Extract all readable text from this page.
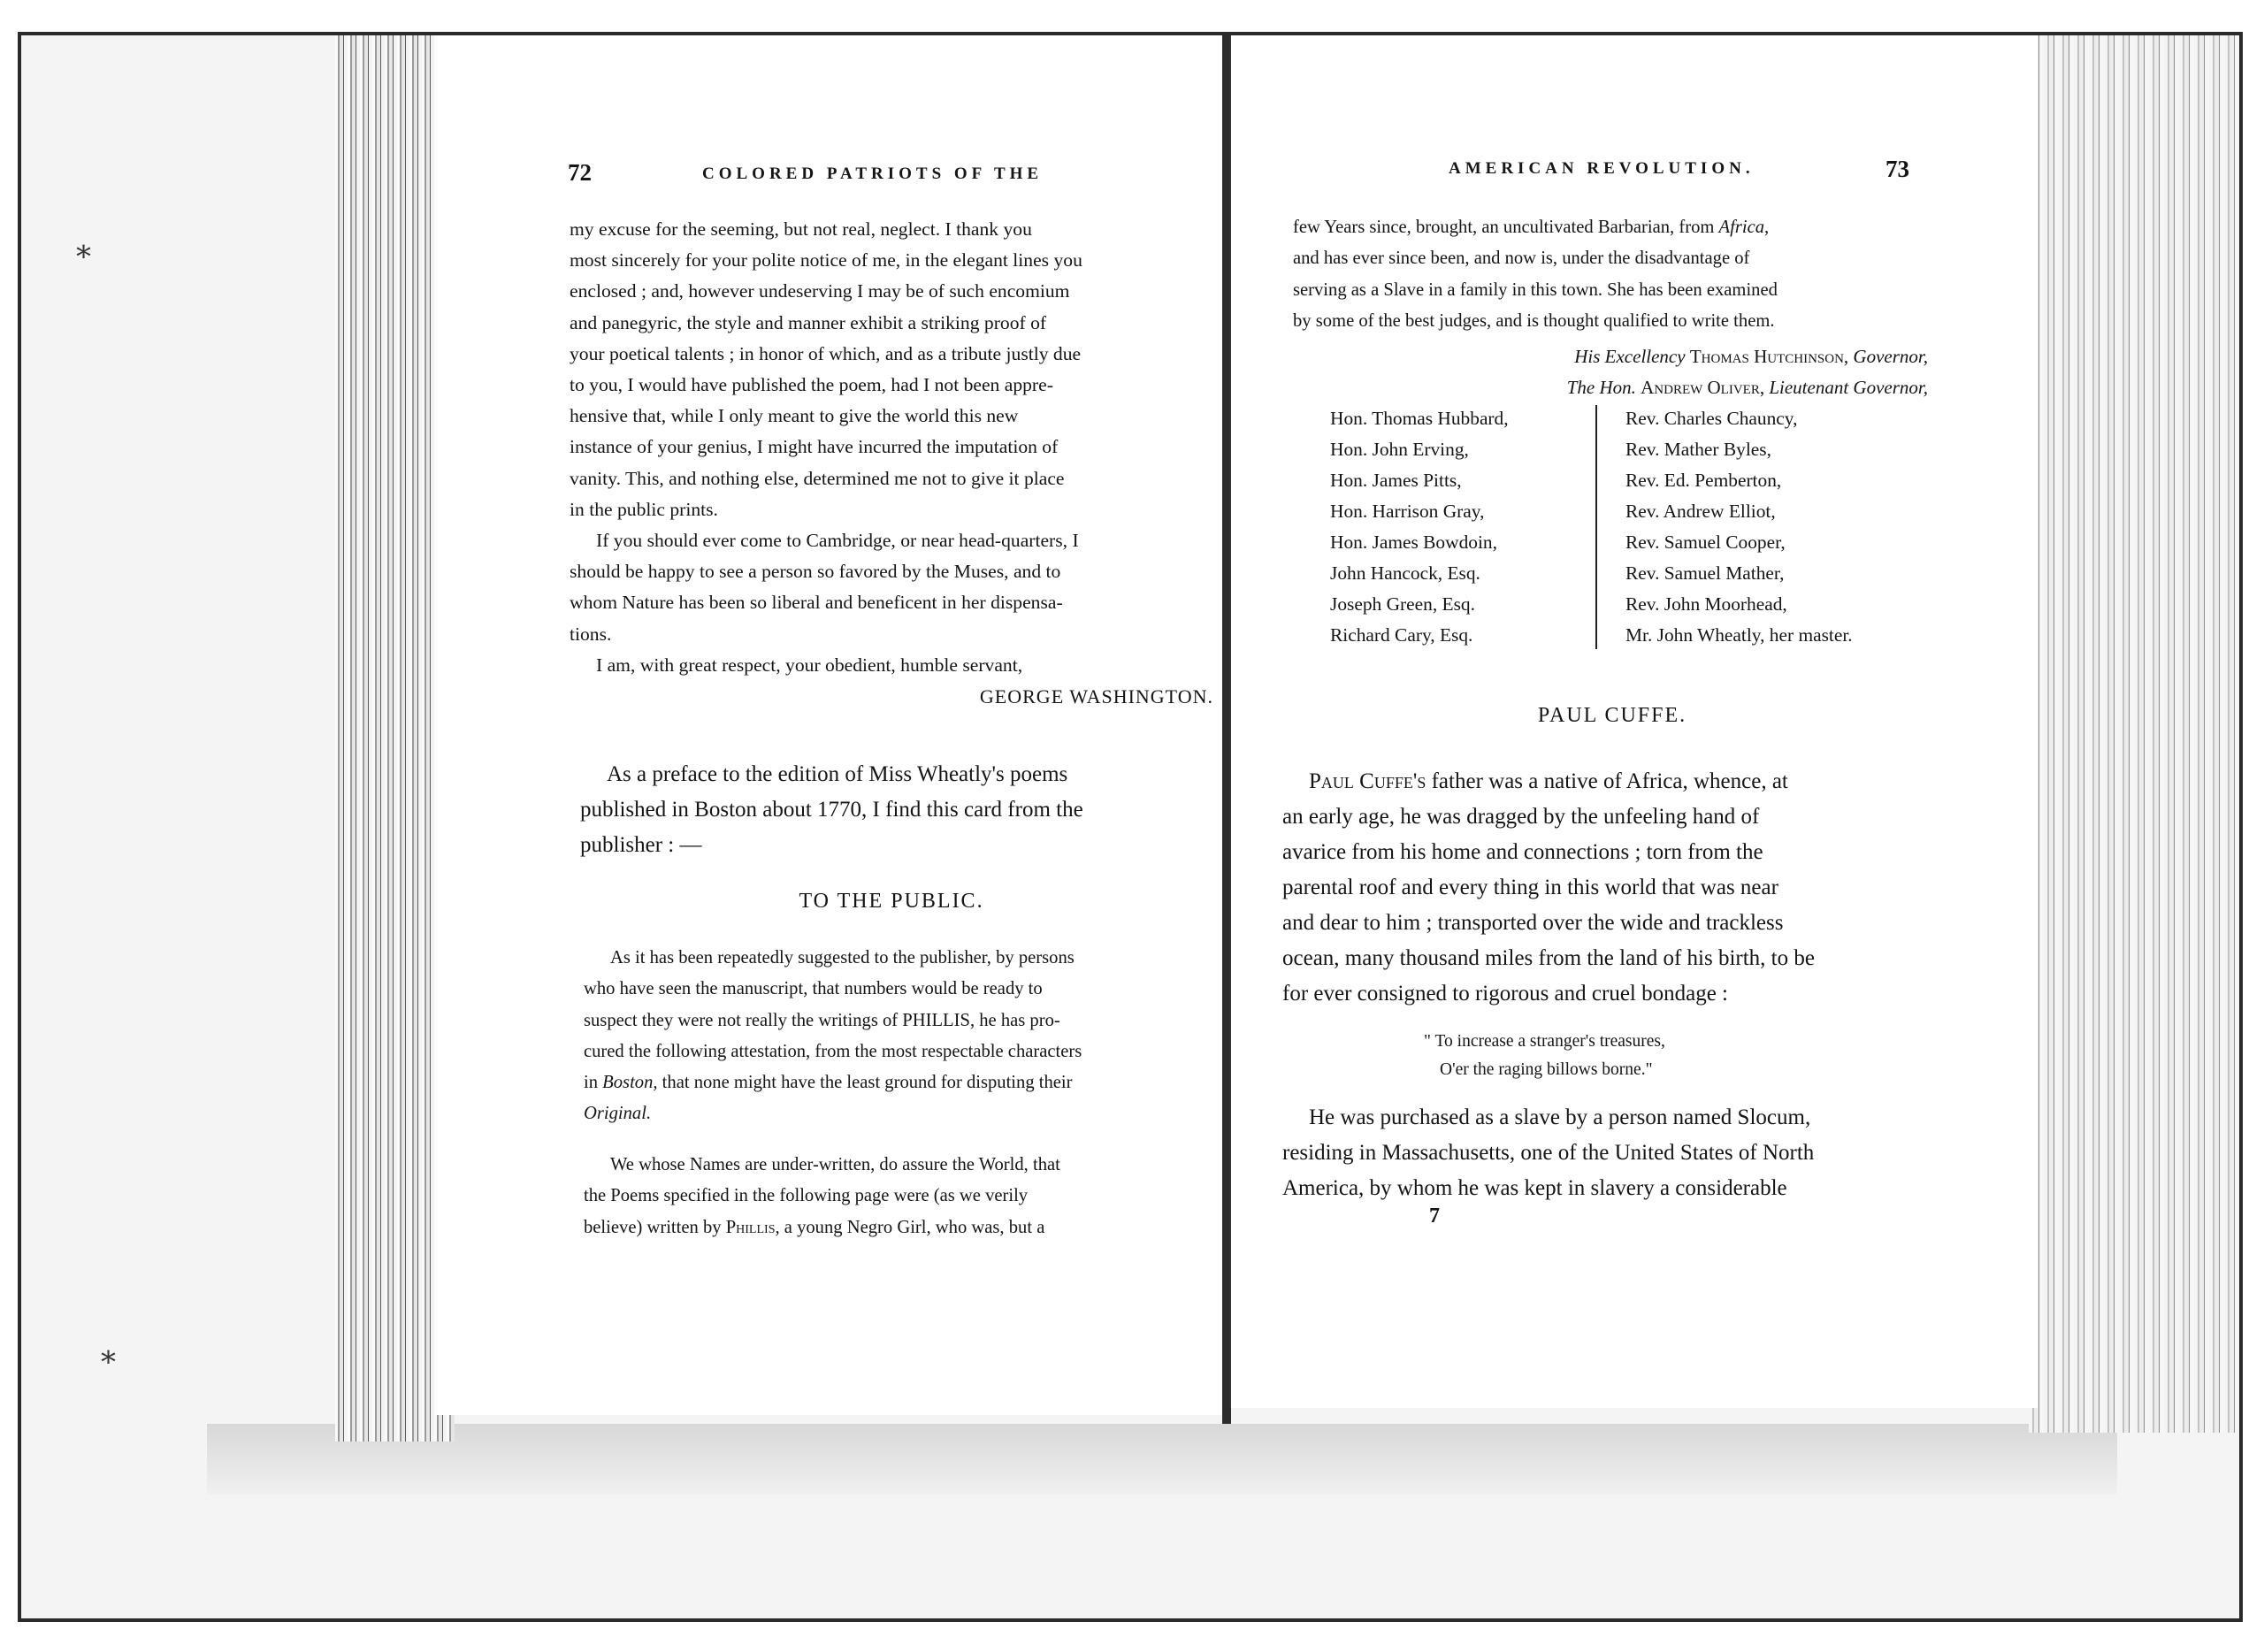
⁎
⁎
72	COLORED PATRIOTS OF THE

my excuse for the seeming, but not real, neglect. I thank you

most sincerely for your polite notice of me, in the elegant lines you

enclosed ; and, however undeserving I may be of such encomium

and panegyric, the style and manner exhibit a striking proof of

your poetical talents ; in honor of which, and as a tribute justly due

to you, I would have published the poem, had I not been appre-

hensive that, while I only meant to give the world this new

instance of your genius, I might have incurred the imputation of

vanity. This, and nothing else, determined me not to give it place

in the public prints.

If you should ever come to Cambridge, or near head-quarters, I

should be happy to see a person so favored by the Muses, and to

whom Nature has been so liberal and beneficent in her dispensa-

tions.

I am, with great respect, your obedient, humble servant,

GEORGE WASHINGTON.

As a preface to the edition of Miss Wheatly's poems

published in Boston about 1770, I find this card from the

publisher : —

TO THE PUBLIC.

As it has been repeatedly suggested to the publisher, by persons

who have seen the manuscript, that numbers would be ready to

suspect they were not really the writings of PHILLIS, he has pro-

cured the following attestation, from the most respectable characters

in Boston, that none might have the least ground for disputing their

Original.

We whose Names are under-written, do assure the World, that

the Poems specified in the following page were (as we verily

believe) written by Phillis, a young Negro Girl, who was, but a

AMERICAN REVOLUTION.	73

few Years since, brought, an uncultivated Barbarian, from Africa,

and has ever since been, and now is, under the disadvantage of

serving as a Slave in a family in this town. She has been examined

by some of the best judges, and is thought qualified to write them.

His Excellency Thomas Hutchinson, Governor,
The Hon. Andrew Oliver, Lieutenant Governor,
Hon. Thomas Hubbard,
Hon. John Erving,
Hon. James Pitts,
Hon. Harrison Gray,
Hon. James Bowdoin,
John Hancock, Esq.
Joseph Green, Esq.
Richard Cary, Esq.
Rev. Charles Chauncy,
Rev. Mather Byles,
Rev. Ed. Pemberton,
Rev. Andrew Elliot,
Rev. Samuel Cooper,
Rev. Samuel Mather,
Rev. John Moorhead,
Mr. John Wheatly, her master.
PAUL CUFFE.

Paul Cuffe's father was a native of Africa, whence, at

an early age, he was dragged by the unfeeling hand of

avarice from his home and connections ; torn from the

parental roof and every thing in this world that was near

and dear to him ; transported over the wide and trackless

ocean, many thousand miles from the land of his birth, to be

for ever consigned to rigorous and cruel bondage :

" To increase a stranger's treasures,
O'er the raging billows borne."

He was purchased as a slave by a person named Slocum,

residing in Massachusetts, one of the United States of North

America, by whom he was kept in slavery a considerable

7
